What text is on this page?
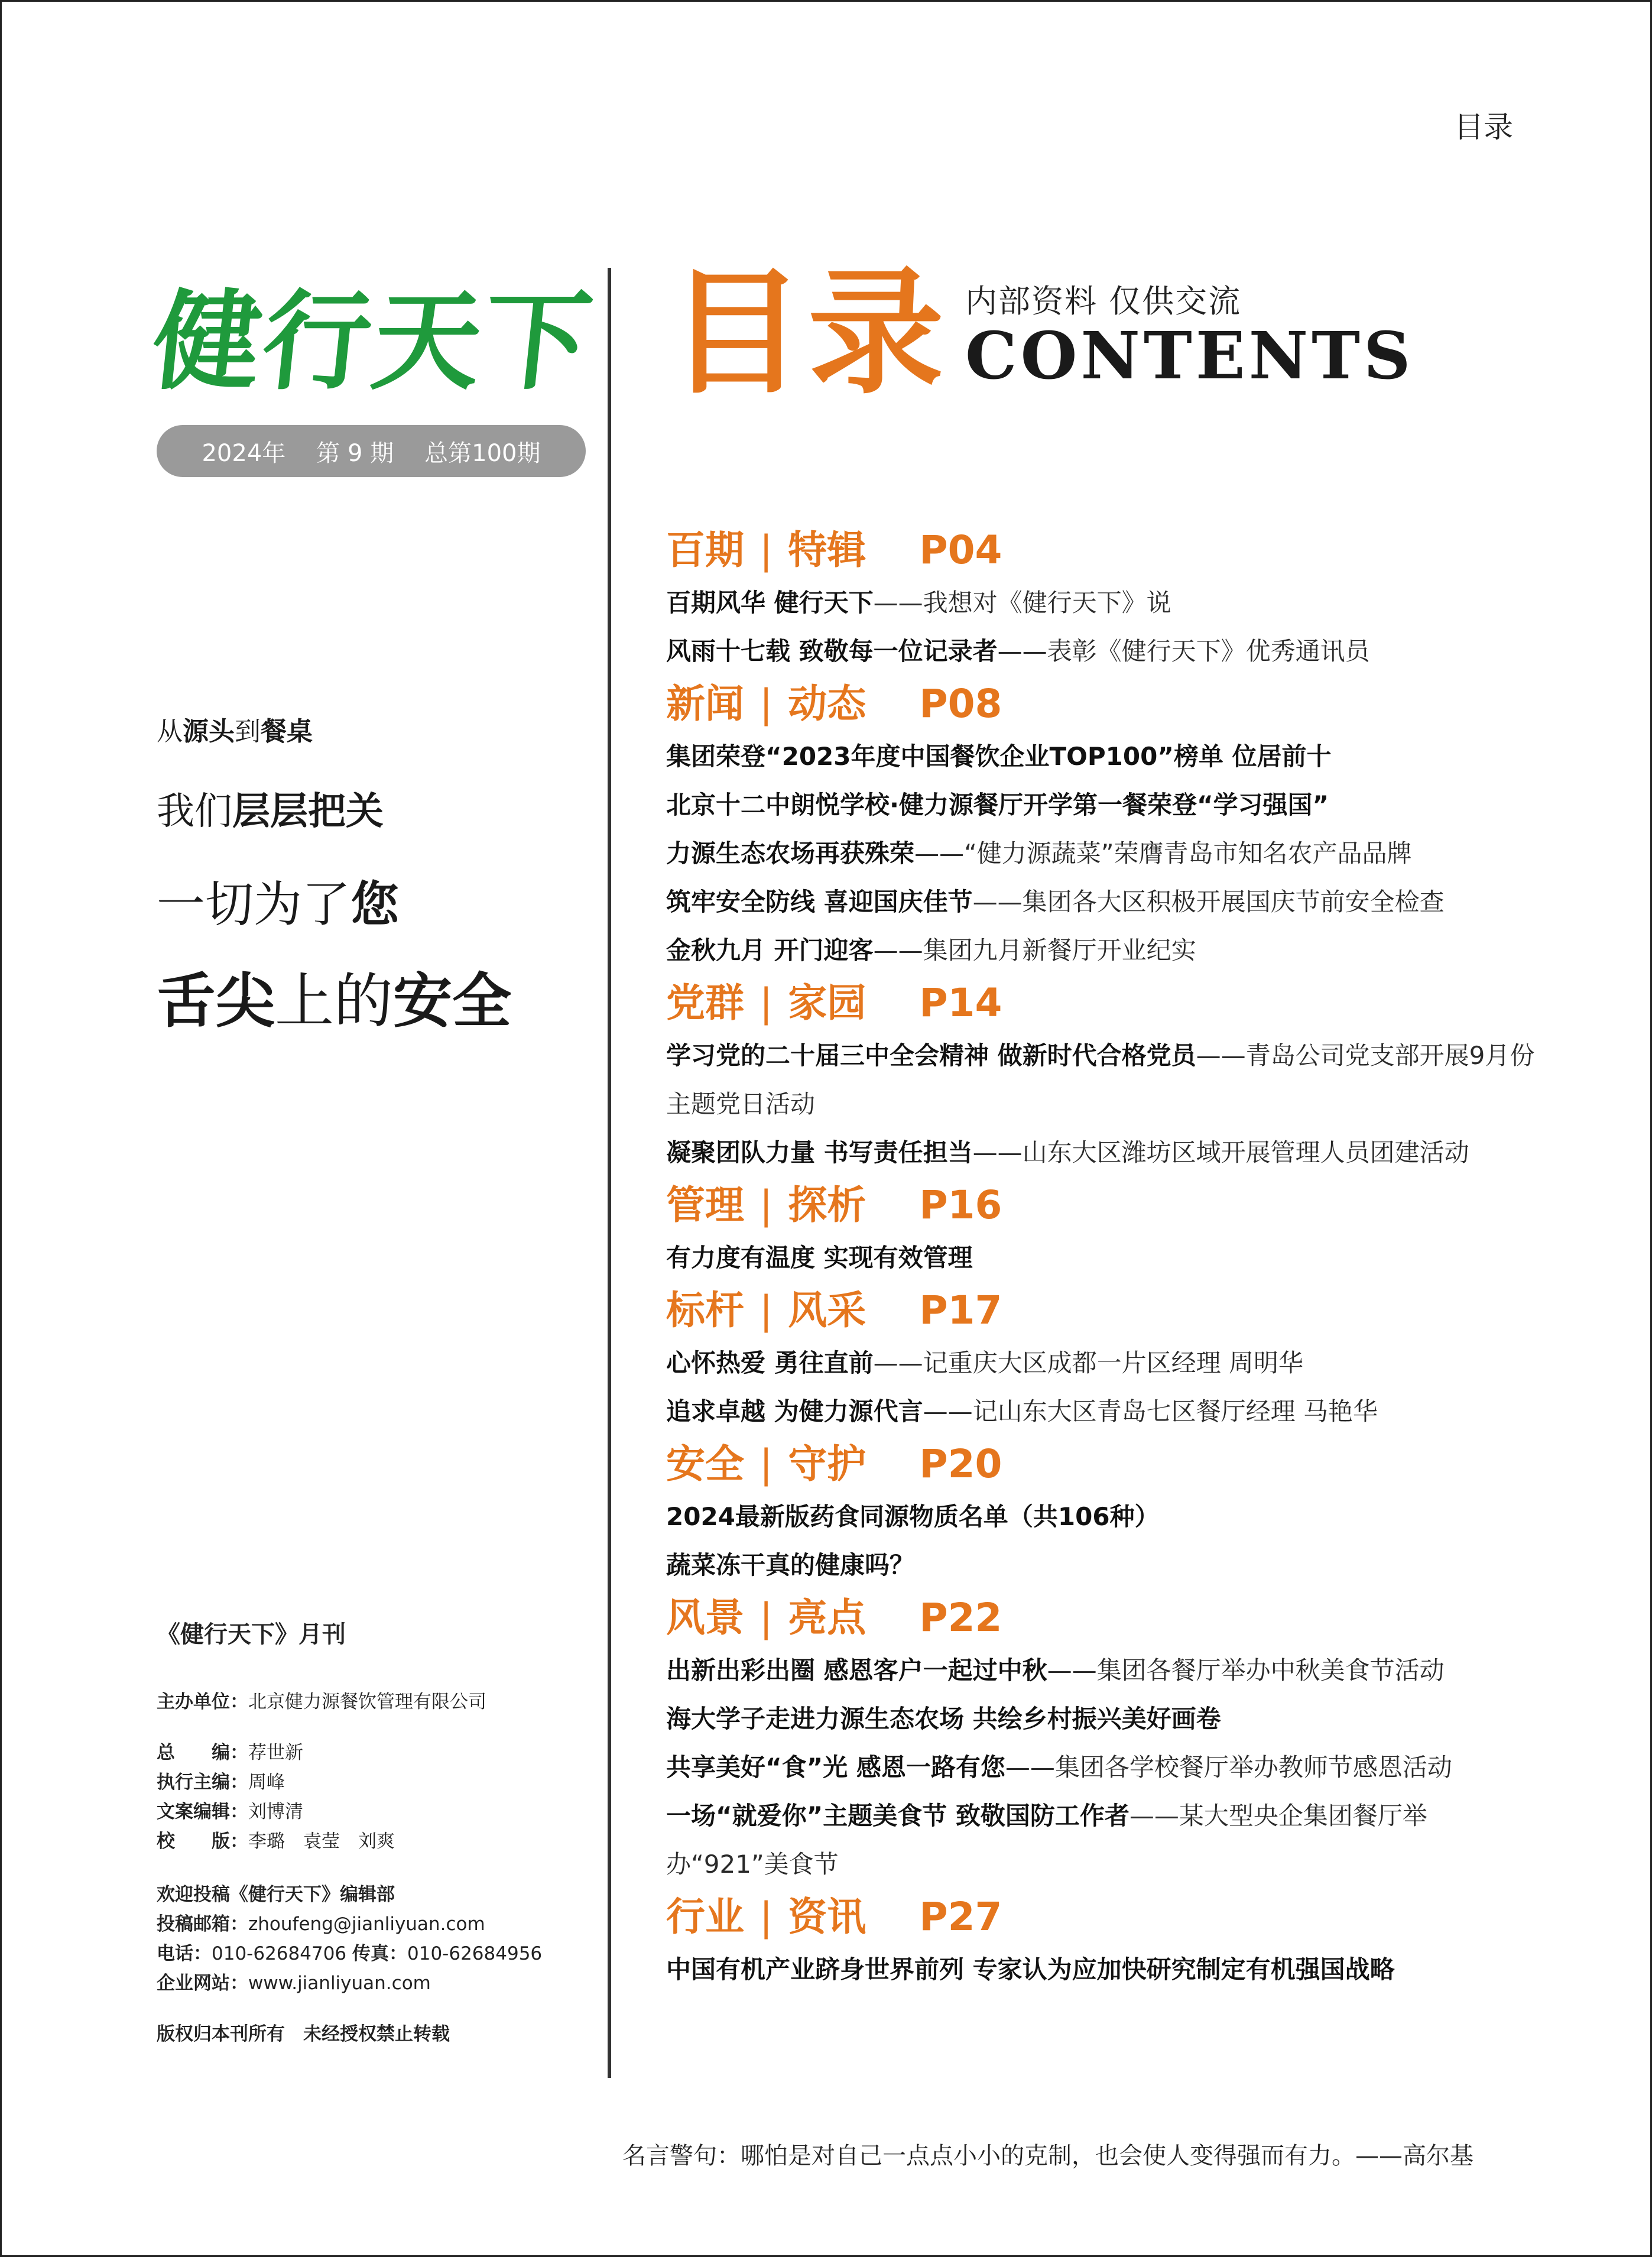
目录
健行天下
2024年 第 9 期 总第100期
目录 内部资料 仅供交流
CONTENTS
从源头到餐桌
我们层层把关
一切为了您
舌尖上的安全
《健行天下》月刊
主办单位：北京健力源餐饮管理有限公司
总　　编：荐世新
执行主编：周峰
文案编辑：刘博清
校　　版：李璐　袁莹　刘爽
欢迎投稿《健行天下》编辑部
投稿邮箱：zhoufeng@jianliyuan.com
电话：010-62684706 传真：010-62684956
企业网站：www.jianliyuan.com
版权归本刊所有　未经授权禁止转载
百期 | 特辑 P04
百期风华 健行天下——我想对《健行天下》说
风雨十七载 致敬每一位记录者——表彰《健行天下》优秀通讯员
新闻 | 动态 P08
集团荣登“2023年度中国餐饮企业TOP100”榜单 位居前十
北京十二中朗悦学校·健力源餐厅开学第一餐荣登“学习强国”
力源生态农场再获殊荣——“健力源蔬菜”荣膺青岛市知名农产品品牌
筑牢安全防线 喜迎国庆佳节——集团各大区积极开展国庆节前安全检查
金秋九月 开门迎客——集团九月新餐厅开业纪实
党群 | 家园 P14
学习党的二十届三中全会精神 做新时代合格党员——青岛公司党支部开展9月份主题党日活动
凝聚团队力量 书写责任担当——山东大区潍坊区域开展管理人员团建活动
管理 | 探析 P16
有力度有温度 实现有效管理
标杆 | 风采 P17
心怀热爱 勇往直前——记重庆大区成都一片区经理 周明华
追求卓越 为健力源代言——记山东大区青岛七区餐厅经理 马艳华
安全 | 守护 P20
2024最新版药食同源物质名单（共106种）
蔬菜冻干真的健康吗？
风景 | 亮点 P22
出新出彩出圈 感恩客户一起过中秋——集团各餐厅举办中秋美食节活动
海大学子走进力源生态农场 共绘乡村振兴美好画卷
共享美好“食”光 感恩一路有您——集团各学校餐厅举办教师节感恩活动
一场“就爱你”主题美食节 致敬国防工作者——某大型央企集团餐厅举办“921”美食节
行业 | 资讯 P27
中国有机产业跻身世界前列 专家认为应加快研究制定有机强国战略
名言警句：哪怕是对自己一点点小小的克制，也会使人变得强而有力。——高尔基
